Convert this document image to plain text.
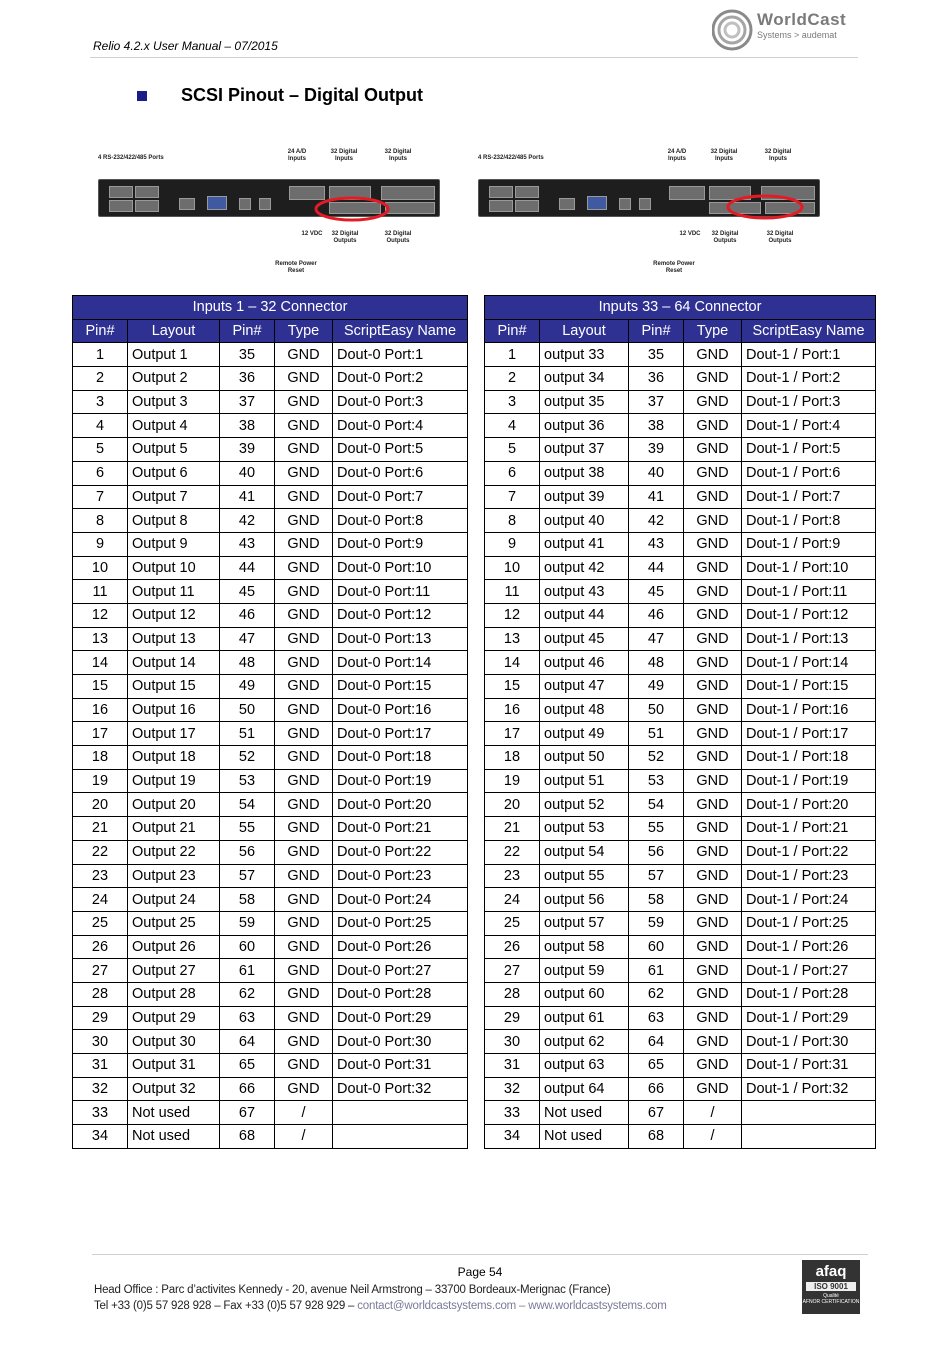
Relio 4.2.x User Manual – 07/2015
WorldCast
Systems > audemat
SCSI Pinout – Digital Output
4 RS-232/422/485 Ports
24 A/D Inputs
32 Digital Inputs
32 Digital Inputs
12 VDC 32 Digital Outputs
32 Digital Outputs
Remote Power Reset
4 RS-232/422/485 Ports
24 A/D Inputs
32 Digital Inputs
32 Digital Inputs
12 VDC 32 Digital Outputs
32 Digital Outputs
Remote Power Reset
Inputs 1 – 32 Connector				
Pin#	Layout	Pin#	Type	ScriptEasy Name
1	Output 1	35	GND	Dout-0 Port:1
2	Output 2	36	GND	Dout-0 Port:2
3	Output 3	37	GND	Dout-0 Port:3
4	Output 4	38	GND	Dout-0 Port:4
5	Output 5	39	GND	Dout-0 Port:5
6	Output 6	40	GND	Dout-0 Port:6
7	Output 7	41	GND	Dout-0 Port:7
8	Output 8	42	GND	Dout-0 Port:8
9	Output 9	43	GND	Dout-0 Port:9
10	Output 10	44	GND	Dout-0 Port:10
11	Output 11	45	GND	Dout-0 Port:11
12	Output 12	46	GND	Dout-0 Port:12
13	Output 13	47	GND	Dout-0 Port:13
14	Output 14	48	GND	Dout-0 Port:14
15	Output 15	49	GND	Dout-0 Port:15
16	Output 16	50	GND	Dout-0 Port:16
17	Output 17	51	GND	Dout-0 Port:17
18	Output 18	52	GND	Dout-0 Port:18
19	Output 19	53	GND	Dout-0 Port:19
20	Output 20	54	GND	Dout-0 Port:20
21	Output 21	55	GND	Dout-0 Port:21
22	Output 22	56	GND	Dout-0 Port:22
23	Output 23	57	GND	Dout-0 Port:23
24	Output 24	58	GND	Dout-0 Port:24
25	Output 25	59	GND	Dout-0 Port:25
26	Output 26	60	GND	Dout-0 Port:26
27	Output 27	61	GND	Dout-0 Port:27
28	Output 28	62	GND	Dout-0 Port:28
29	Output 29	63	GND	Dout-0 Port:29
30	Output 30	64	GND	Dout-0 Port:30
31	Output 31	65	GND	Dout-0 Port:31
32	Output 32	66	GND	Dout-0 Port:32
33	Not used	67	/	
34	Not used	68	/	
Inputs 33 – 64 Connector				
Pin#	Layout	Pin#	Type	ScriptEasy Name
1	output 33	35	GND	Dout-1 / Port:1
2	output 34	36	GND	Dout-1 / Port:2
3	output 35	37	GND	Dout-1 / Port:3
4	output 36	38	GND	Dout-1 / Port:4
5	output 37	39	GND	Dout-1 / Port:5
6	output 38	40	GND	Dout-1 / Port:6
7	output 39	41	GND	Dout-1 / Port:7
8	output 40	42	GND	Dout-1 / Port:8
9	output 41	43	GND	Dout-1 / Port:9
10	output 42	44	GND	Dout-1 / Port:10
11	output 43	45	GND	Dout-1 / Port:11
12	output 44	46	GND	Dout-1 / Port:12
13	output 45	47	GND	Dout-1 / Port:13
14	output 46	48	GND	Dout-1 / Port:14
15	output 47	49	GND	Dout-1 / Port:15
16	output 48	50	GND	Dout-1 / Port:16
17	output 49	51	GND	Dout-1 / Port:17
18	output 50	52	GND	Dout-1 / Port:18
19	output 51	53	GND	Dout-1 / Port:19
20	output 52	54	GND	Dout-1 / Port:20
21	output 53	55	GND	Dout-1 / Port:21
22	output 54	56	GND	Dout-1 / Port:22
23	output 55	57	GND	Dout-1 / Port:23
24	output 56	58	GND	Dout-1 / Port:24
25	output 57	59	GND	Dout-1 / Port:25
26	output 58	60	GND	Dout-1 / Port:26
27	output 59	61	GND	Dout-1 / Port:27
28	output 60	62	GND	Dout-1 / Port:28
29	output 61	63	GND	Dout-1 / Port:29
30	output 62	64	GND	Dout-1 / Port:30
31	output 63	65	GND	Dout-1 / Port:31
32	output 64	66	GND	Dout-1 / Port:32
33	Not used	67	/	
34	Not used	68	/	
Page 54
Head Office : Parc d’activites Kennedy - 20, avenue Neil Armstrong – 33700 Bordeaux-Merignac (France)
Tel +33 (0)5 57 928 928 – Fax +33 (0)5 57 928 929 – contact@worldcastsystems.com – www.worldcastsystems.com
afaq
ISO 9001
Qualité
AFNOR CERTIFICATION
